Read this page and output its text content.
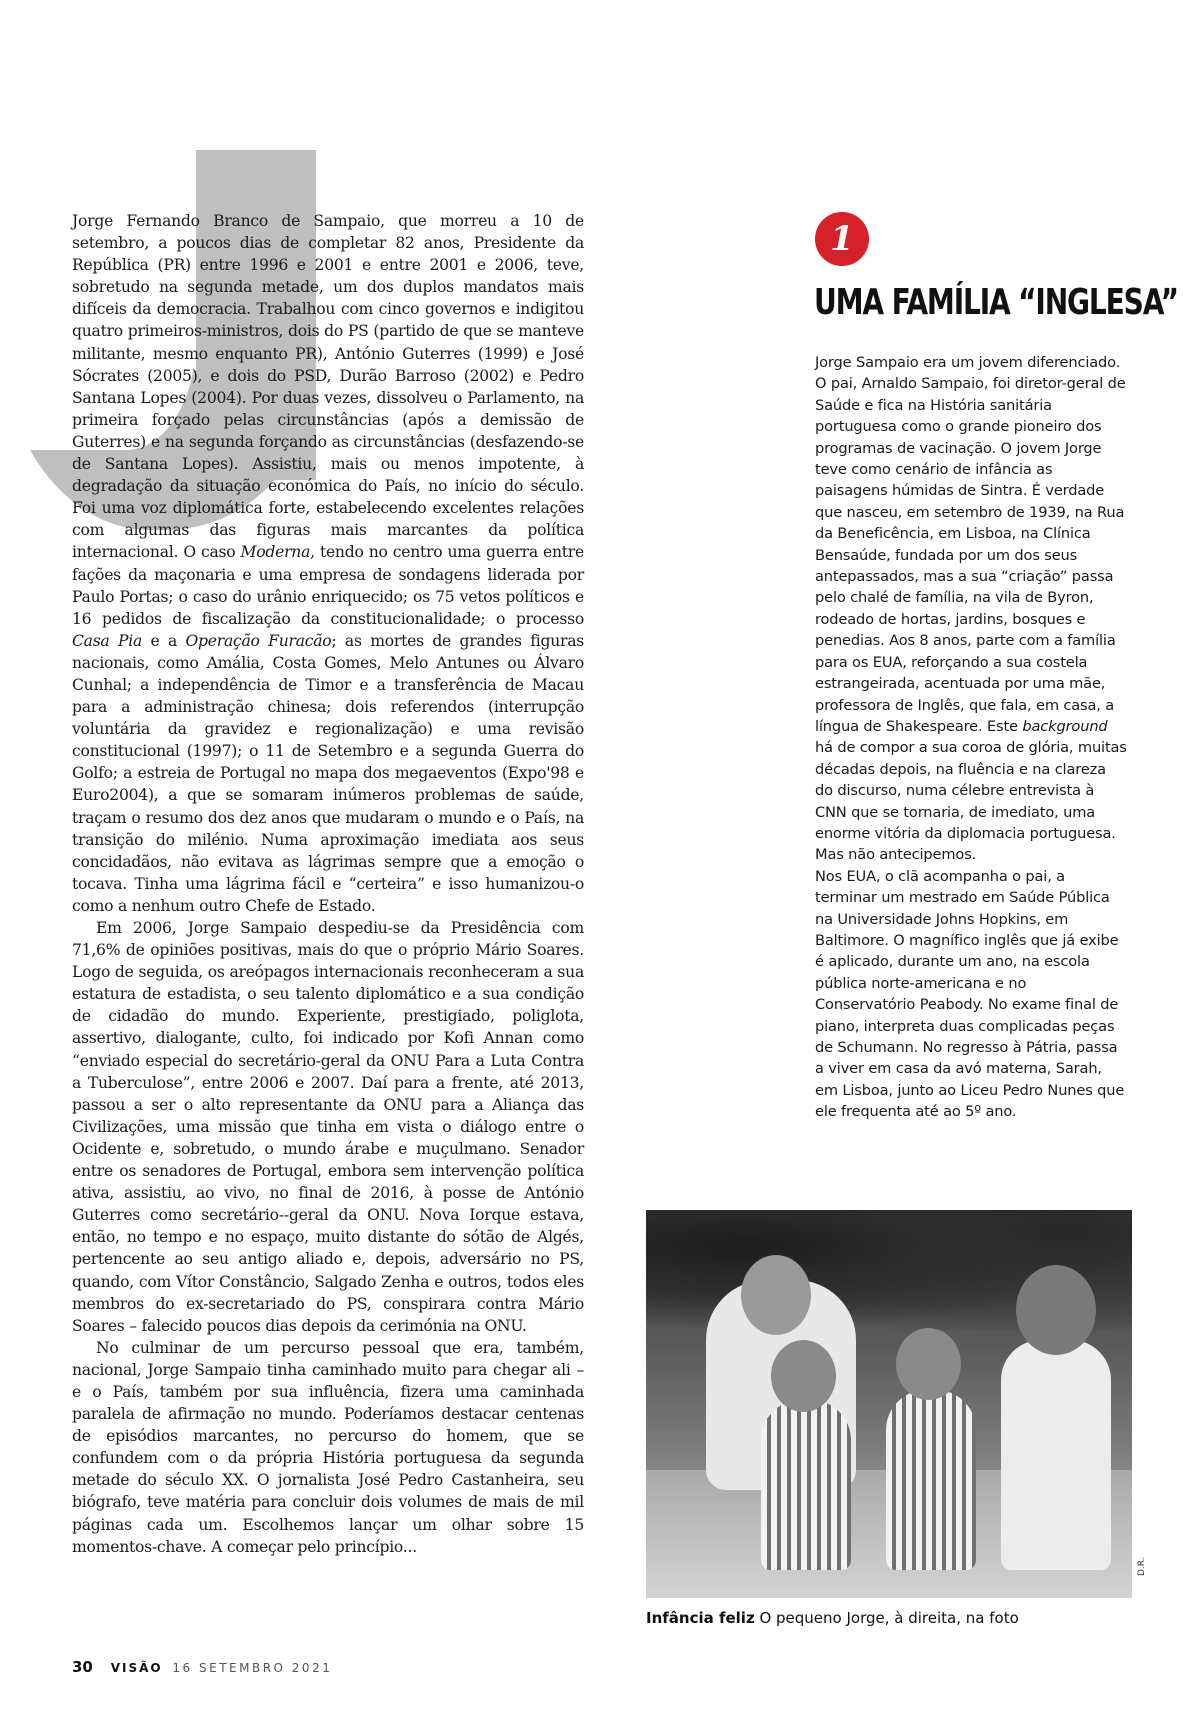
Jorge Fernando Branco de Sampaio, que morreu a 10 de setembro, a poucos dias de completar 82 anos, Presidente da República (PR) entre 1996 e 2001 e entre 2001 e 2006, teve, sobretudo na segunda metade, um dos duplos mandatos mais difíceis da democracia. Trabalhou com cinco governos e indigitou quatro primeiros-ministros, dois do PS (partido de que se manteve militante, mesmo enquanto PR), António Guterres (1999) e José Sócrates (2005), e dois do PSD, Durão Barroso (2002) e Pedro Santana Lopes (2004). Por duas vezes, dissolveu o Parlamento, na primeira forçado pelas circunstâncias (após a demissão de Guterres) e na segunda forçando as circunstâncias (desfazendo-se de Santana Lopes). Assistiu, mais ou menos impotente, à degradação da situação económica do País, no início do século. Foi uma voz diplomática forte, estabelecendo excelentes relações com algumas das figuras mais marcantes da política internacional. O caso Moderna, tendo no centro uma guerra entre fações da maçonaria e uma empresa de sondagens liderada por Paulo Portas; o caso do urânio enriquecido; os 75 vetos políticos e 16 pedidos de fiscalização da constitucionalidade; o processo Casa Pia e a Operação Furacão; as mortes de grandes figuras nacionais, como Amália, Costa Gomes, Melo Antunes ou Álvaro Cunhal; a independência de Timor e a transferência de Macau para a administração chinesa; dois referendos (interrupção voluntária da gravidez e regionalização) e uma revisão constitucional (1997); o 11 de Setembro e a segunda Guerra do Golfo; a estreia de Portugal no mapa dos megaeventos (Expo'98 e Euro2004), a que se somaram inúmeros problemas de saúde, traçam o resumo dos dez anos que mudaram o mundo e o País, na transição do milénio. Numa aproximação imediata aos seus concidadãos, não evitava as lágrimas sempre que a emoção o tocava. Tinha uma lágrima fácil e “certeira” e isso humanizou-o como a nenhum outro Chefe de Estado.

Em 2006, Jorge Sampaio despediu-se da Presidência com 71,6% de opiniões positivas, mais do que o próprio Mário Soares. Logo de seguida, os areópagos internacionais reconheceram a sua estatura de estadista, o seu talento diplomático e a sua condição de cidadão do mundo. Experiente, prestigiado, poliglota, assertivo, dialogante, culto, foi indicado por Kofi Annan como “enviado especial do secretário-geral da ONU Para a Luta Contra a Tuberculose”, entre 2006 e 2007. Daí para a frente, até 2013, passou a ser o alto representante da ONU para a Aliança das Civilizações, uma missão que tinha em vista o diálogo entre o Ocidente e, sobretudo, o mundo árabe e muçulmano. Senador entre os senadores de Portugal, embora sem intervenção política ativa, assistiu, ao vivo, no final de 2016, à posse de António Guterres como secretário--geral da ONU. Nova Iorque estava, então, no tempo e no espaço, muito distante do sótão de Algés, pertencente ao seu antigo aliado e, depois, adversário no PS, quando, com Vítor Constâncio, Salgado Zenha e outros, todos eles membros do ex-secretariado do PS, conspirara contra Mário Soares – falecido poucos dias depois da cerimónia na ONU.

No culminar de um percurso pessoal que era, também, nacional, Jorge Sampaio tinha caminhado muito para chegar ali – e o País, também por sua influência, fizera uma caminhada paralela de afirmação no mundo. Poderíamos destacar centenas de episódios marcantes, no percurso do homem, que se confundem com o da própria História portuguesa da segunda metade do século XX. O jornalista José Pedro Castanheira, seu biógrafo, teve matéria para concluir dois volumes de mais de mil páginas cada um. Escolhemos lançar um olhar sobre 15 momentos-chave. A começar pelo princípio...

1
UMA FAMÍLIA “INGLESA”

Jorge Sampaio era um jovem diferenciado. O pai, Arnaldo Sampaio, foi diretor-geral de Saúde e fica na História sanitária portuguesa como o grande pioneiro dos programas de vacinação. O jovem Jorge teve como cenário de infância as paisagens húmidas de Sintra. É verdade que nasceu, em setembro de 1939, na Rua da Beneficência, em Lisboa, na Clínica Bensaúde, fundada por um dos seus antepassados, mas a sua “criação” passa pelo chalé de família, na vila de Byron, rodeado de hortas, jardins, bosques e penedias. Aos 8 anos, parte com a família para os EUA, reforçando a sua costela estrangeirada, acentuada por uma mãe, professora de Inglês, que fala, em casa, a língua de Shakespeare. Este background há de compor a sua coroa de glória, muitas décadas depois, na fluência e na clareza do discurso, numa célebre entrevista à CNN que se tornaria, de imediato, uma enorme vitória da diplomacia portuguesa. Mas não antecipemos.

Nos EUA, o clã acompanha o pai, a terminar um mestrado em Saúde Pública na Universidade Johns Hopkins, em Baltimore. O magnífico inglês que já exibe é aplicado, durante um ano, na escola pública norte-americana e no Conservatório Peabody. No exame final de piano, interpreta duas complicadas peças de Schumann. No regresso à Pátria, passa a viver em casa da avó materna, Sarah, em Lisboa, junto ao Liceu Pedro Nunes que ele frequenta até ao 5º ano.

D.R.
Infância feliz O pequeno Jorge, à direita, na foto
30 VISÃO 16 SETEMBRO 2021
